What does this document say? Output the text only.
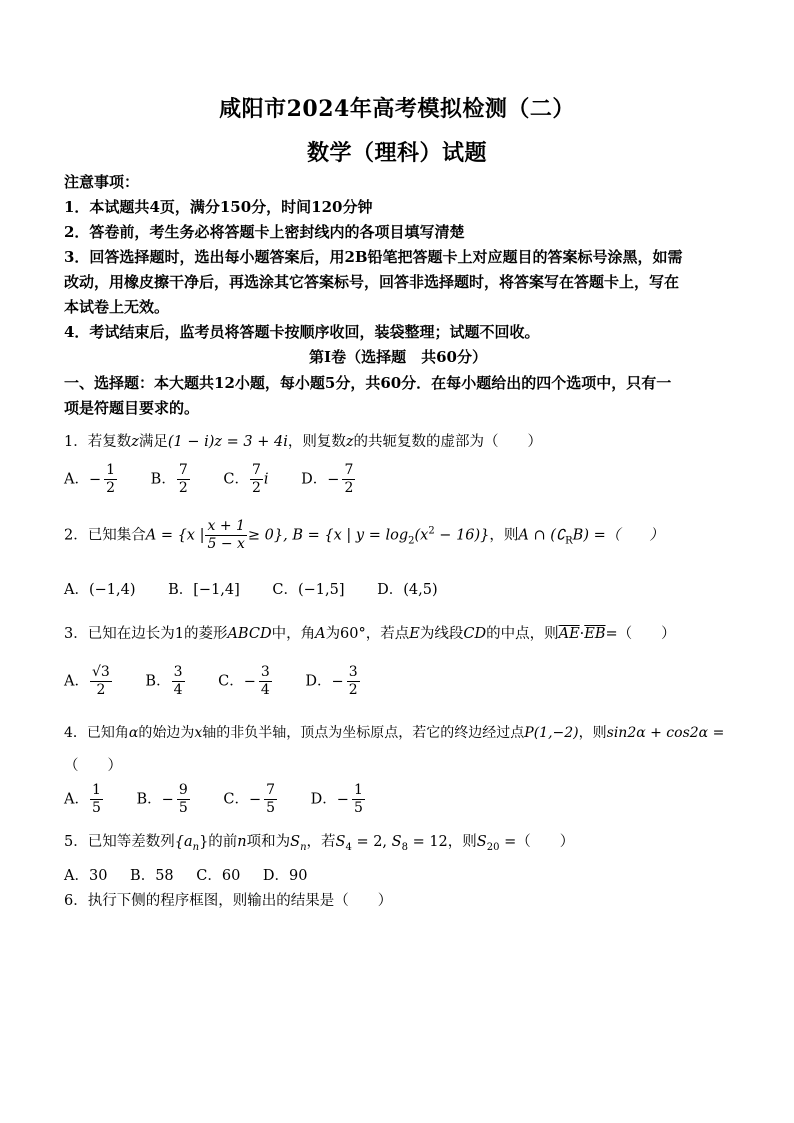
咸阳市2024年高考模拟检测（二）
数学（理科）试题
注意事项：
1．本试题共4页，满分150分，时间120分钟
2．答卷前，考生务必将答题卡上密封线内的各项目填写清楚
3．回答选择题时，选出每小题答案后，用2B铅笔把答题卡上对应题目的答案标号涂黑，如需
改动，用橡皮擦干净后，再选涂其它答案标号，回答非选择题时，将答案写在答题卡上，写在
本试卷上无效。
4．考试结束后，监考员将答题卡按顺序收回，装袋整理；试题不回收。
第Ⅰ卷（选择题　共60分）
一、选择题：本大题共12小题，每小题5分，共60分．在每小题给出的四个选项中，只有一
项是符题目要求的。
1．若复数z满足(1 − i)z = 3 + 4i，则复数z的共轭复数的虚部为（　　）
A．− $\frac{1}{2}$ B． $\frac{7}{2}$ C． $\frac{7}{2}$ i D．− $\frac{7}{2}$
2．已知集合A = {x | $\frac{x + 1}{5 - x} \ge 0$}, B = {x | $y = \log_2(x^2 - 16)$}，则A ∩ $(∁_RB)$ =（　　）
A．(−1,4) B．[−1,4] C．(−1,5] D．(4,5)
3．已知在边长为1的菱形ABCD中，角A为60°，若点E为线段CD的中点，则$\overline{AE}\cdot\overline{EB}=$（　　）
A． $\frac{√3}{2}$ B． $\frac{3}{4}$ C．− $\frac{3}{4}$ D．− $\frac{3}{2}$
4．已知角α的始边为x轴的非负半轴，顶点为坐标原点，若它的终边经过点P(1,−2)，则sin2α + cos2α =
（　　）
A． $\frac{1}{5}$ B．− $\frac{9}{5}$ C．− $\frac{7}{5}$ D．− $\frac{1}{5}$
5．已知等差数列$\{a_n\}$的前n项和为$S_n$，若$S_4 = 2$, $S_8 = 12$，则$S_{20}$ =（　　）
A．30 B．58 C．60 D．90
6．执行下侧的程序框图，则输出的结果是（　　）
